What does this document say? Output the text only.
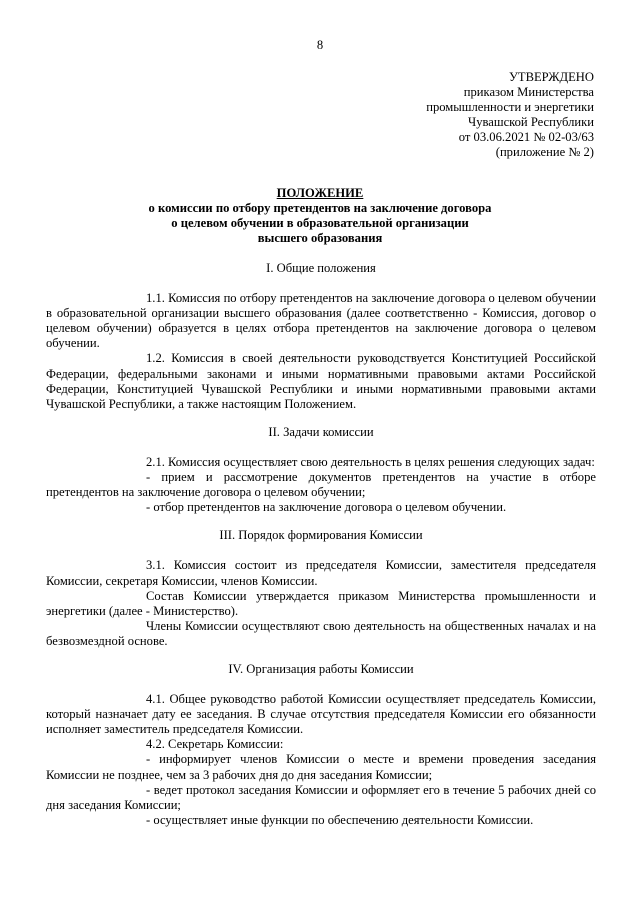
8
УТВЕРЖДЕНО
приказом Министерства
промышленности и энергетики
Чувашской Республики
от 03.06.2021 № 02-03/63
(приложение № 2)
ПОЛОЖЕНИЕ
о комиссии по отбору претендентов на заключение договора
о целевом обучении в образовательной организации
высшего образования
I. Общие положения

1.1. Комиссия по отбору претендентов на заключение договора о целевом обучении в образовательной организации высшего образования (далее соответственно - Комиссия, договор о целевом обучении) образуется в целях отбора претендентов на заключение договора о целевом обучении.

1.2. Комиссия в своей деятельности руководствуется Конституцией Российской Федерации, федеральными законами и иными нормативными правовыми актами Российской Федерации, Конституцией Чувашской Республики и иными нормативными правовыми актами Чувашской Республики, а также настоящим Положением.

II. Задачи комиссии

2.1. Комиссия осуществляет свою деятельность в целях решения следующих задач:

- прием и рассмотрение документов претендентов на участие в отборе претендентов на заключение договора о целевом обучении;

- отбор претендентов на заключение договора о целевом обучении.

III. Порядок формирования Комиссии

3.1. Комиссия состоит из председателя Комиссии, заместителя председателя Комиссии, секретаря Комиссии, членов Комиссии.

Состав Комиссии утверждается приказом Министерства промышленности и энергетики (далее - Министерство).

Члены Комиссии осуществляют свою деятельность на общественных началах и на безвозмездной основе.

IV. Организация работы Комиссии

4.1. Общее руководство работой Комиссии осуществляет председатель Комиссии, который назначает дату ее заседания. В случае отсутствия председателя Комиссии его обязанности исполняет заместитель председателя Комиссии.

4.2. Секретарь Комиссии:

- информирует членов Комиссии о месте и времени проведения заседания Комиссии не позднее, чем за 3 рабочих дня до дня заседания Комиссии;

- ведет протокол заседания Комиссии и оформляет его в течение 5 рабочих дней со дня заседания Комиссии;

- осуществляет иные функции по обеспечению деятельности Комиссии.
